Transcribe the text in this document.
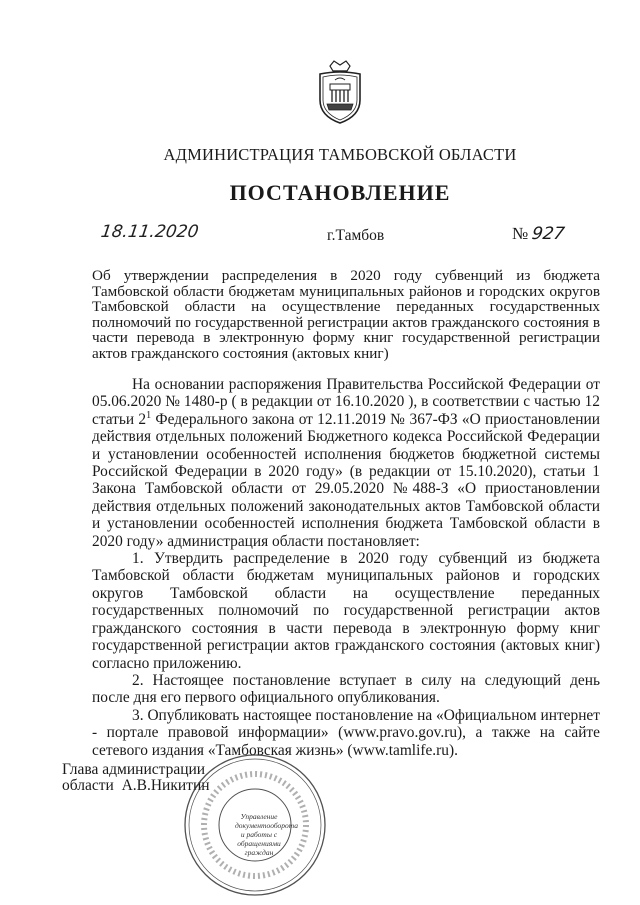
АДМИНИСТРАЦИЯ ТАМБОВСКОЙ ОБЛАСТИ
ПОСТАНОВЛЕНИЕ
18.11.2020	г.Тамбов	№ 927
Об утверждении распределения в 2020 году субвенций из бюджета Тамбовской области бюджетам муниципальных районов и городских округов Тамбовской области на осуществление переданных государственных полномочий по государственной регистрации актов гражданского состояния в части перевода в электронную форму книг государственной регистрации актов гражданского состояния (актовых книг)

На основании распоряжения Правительства Российской Федерации от 05.06.2020 № 1480-р ( в редакции от 16.10.2020 ), в соответствии с частью 12 статьи $2^1$ Федерального закона от 12.11.2019 № 367-ФЗ «О приостановлении действия отдельных положений Бюджетного кодекса Российской Федерации и установлении особенностей исполнения бюджетов бюджетной системы Российской Федерации в 2020 году» (в редакции от 15.10.2020), статьи 1 Закона Тамбовской области от 29.05.2020 №488-З «О приостановлении действия отдельных положений законодательных актов Тамбовской области и установлении особенностей исполнения бюджета Тамбовской области в 2020 году» администрация области постановляет:

1. Утвердить распределение в 2020 году субвенций из бюджета Тамбовской области бюджетам муниципальных районов и городских округов Тамбовской области на осуществление переданных государственных полномочий по государственной регистрации актов гражданского состояния в части перевода в электронную форму книг государственной регистрации актов гражданского состояния (актовых книг) согласно приложению.

2. Настоящее постановление вступает в силу на следующий день после дня его первого официального опубликования.

3. Опубликовать настоящее постановление на «Официальном интернет - портале правовой информации» (www.pravo.gov.ru), а также на сайте сетевого издания «Тамбовская жизнь» (www.tamlife.ru).

Глава администрации
области А.В.Никитин
Управление документооборота и работы с обращениями граждан
